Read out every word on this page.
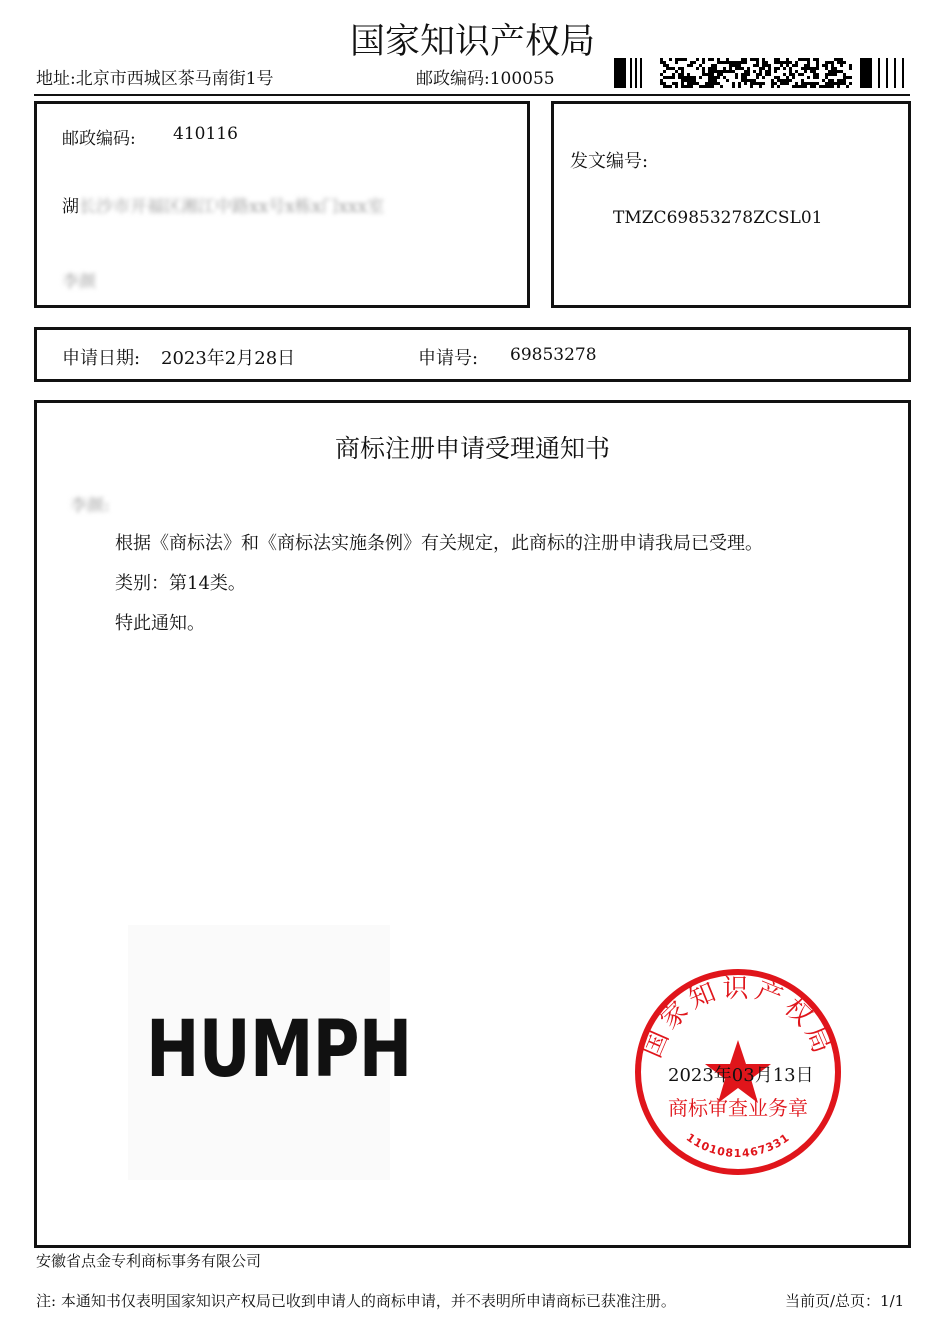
国家知识产权局
地址:北京市西城区茶马南街1号	邮政编码:100055
邮政编码: 410116
湖长沙市开福区湘江中路xx号x栋x门xxx室
李颜
发文编号:
TMZC69853278ZCSL01
申请日期: 2023年2月28日	申请号: 69853278
商标注册申请受理通知书
李颜:
根据《商标法》和《商标法实施条例》有关规定，此商标的注册申请我局已受理。
类别：第14类。
特此通知。
HUMPH	国家知识产权局
商标审查业务章
1101081467331
2023年03月13日
安徽省点金专利商标事务有限公司
注: 本通知书仅表明国家知识产权局已收到申请人的商标申请，并不表明所申请商标已获准注册。	当前页/总页：1/1
